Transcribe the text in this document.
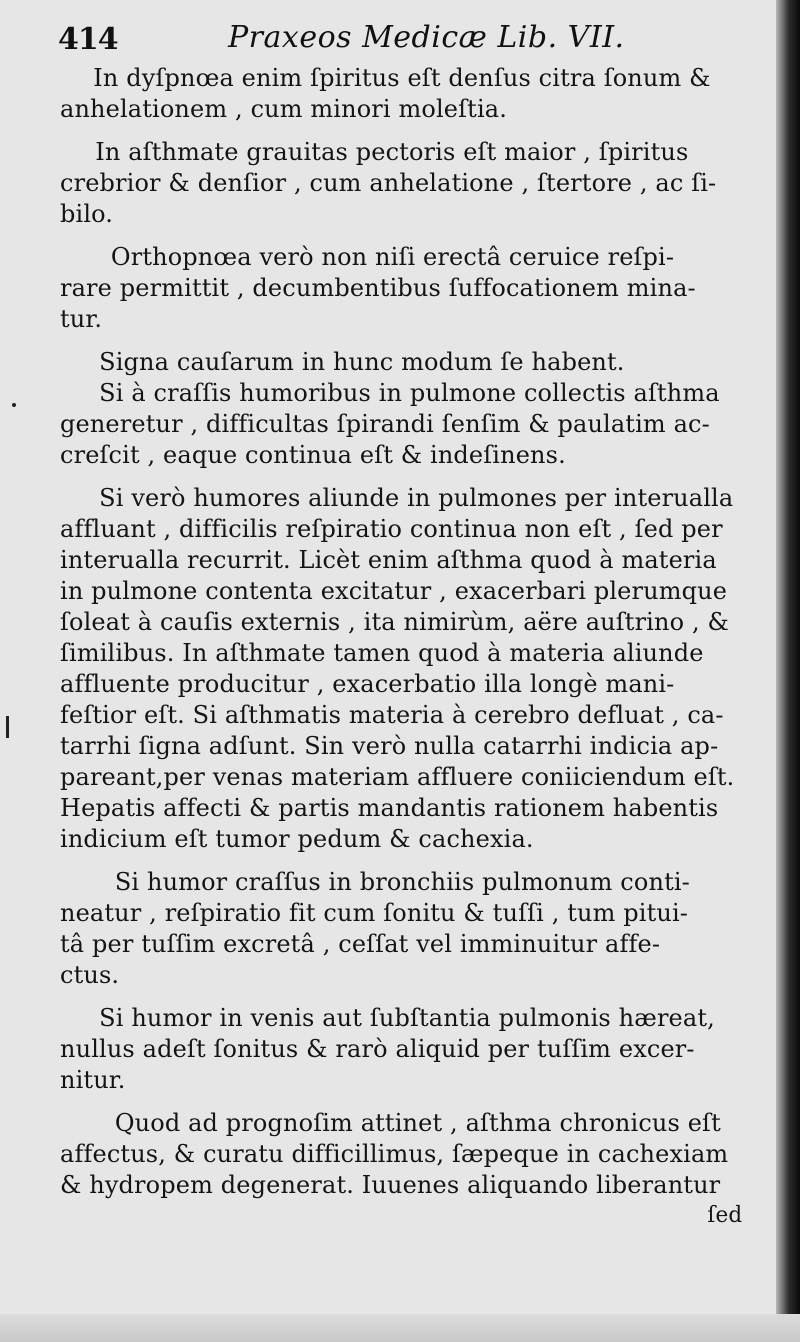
414	Praxeos Medicæ Lib. VII.
In dyſpnœa enim ſpiritus eſt denſus citra ſonum &
anhelationem , cum minori moleſtia.
In aſthmate grauitas pectoris eſt maior , ſpiritus
crebrior & denſior , cum anhelatione , ſtertore , ac ſi-
bilo.
Orthopnœa verò non niſi erectâ ceruice reſpi-
rare permittit , decumbentibus ſuffocationem mina-
tur.
Signa cauſarum in hunc modum ſe habent.
Si à craſſis humoribus in pulmone collectis aſthma
generetur , difficultas ſpirandi ſenſim & paulatim ac-
creſcit , eaque continua eſt & indeſinens.
Si verò humores aliunde in pulmones per interualla
affluant , difficilis reſpiratio continua non eſt , ſed per
interualla recurrit. Licèt enim aſthma quod à materia
in pulmone contenta excitatur , exacerbari plerumque
ſoleat à cauſis externis , ita nimirùm, aëre auſtrino , &
ſimilibus. In aſthmate tamen quod à materia aliunde
affluente producitur , exacerbatio illa longè mani-
feſtior eſt. Si aſthmatis materia à cerebro defluat , ca-
tarrhi ſigna adſunt. Sin verò nulla catarrhi indicia ap-
pareant,per venas materiam affluere coniiciendum eſt.
Hepatis affecti & partis mandantis rationem habentis
indicium eſt tumor pedum & cachexia.
Si humor craſſus in bronchiis pulmonum conti-
neatur , reſpiratio fit cum ſonitu & tuſſi , tum pitui-
tâ per tuſſim excretâ , ceſſat vel imminuitur affe-
ctus.
Si humor in venis aut ſubſtantia pulmonis hæreat,
nullus adeſt ſonitus & rarò aliquid per tuſſim excer-
nitur.
Quod ad prognoſim attinet , aſthma chronicus eſt
affectus, & curatu difficillimus, ſæpeque in cachexiam
& hydropem degenerat. Iuuenes aliquando liberantur
ſed
